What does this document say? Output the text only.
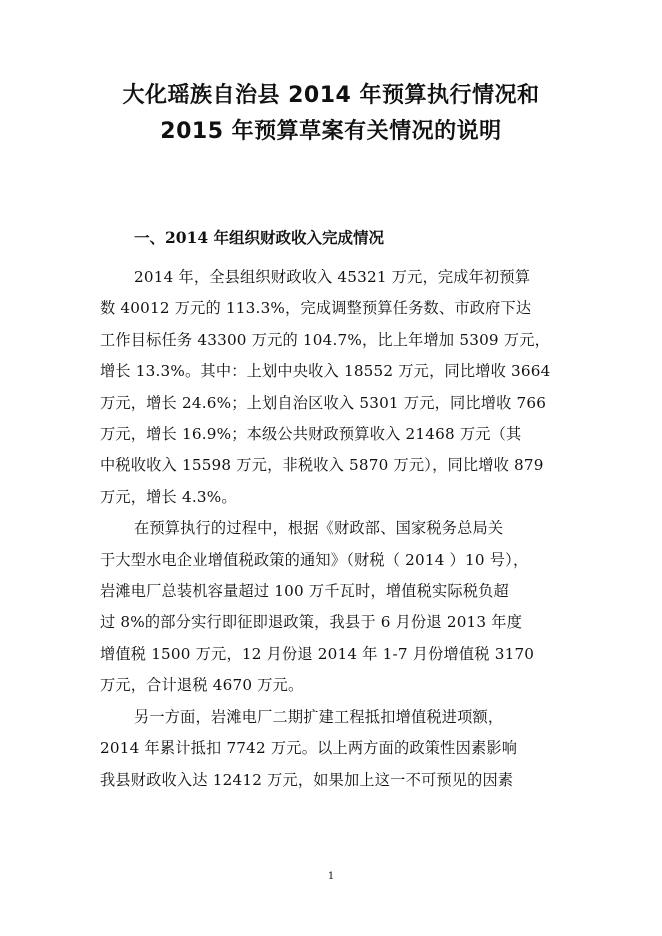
大化瑶族自治县 2014 年预算执行情况和
2015 年预算草案有关情况的说明
一、2014 年组织财政收入完成情况

2014 年，全县组织财政收入 45321 万元，完成年初预算
数 40012 万元的 113.3%，完成调整预算任务数、市政府下达
工作目标任务 43300 万元的 104.7%，比上年增加 5309 万元，
增长 13.3%。其中：上划中央收入 18552 万元，同比增收 3664
万元，增长 24.6%；上划自治区收入 5301 万元，同比增收 766
万元，增长 16.9%；本级公共财政预算收入 21468 万元（其
中税收收入 15598 万元，非税收入 5870 万元），同比增收 879
万元，增长 4.3%。

在预算执行的过程中，根据《财政部、国家税务总局关
于大型水电企业增值税政策的通知》（财税（ 2014 ）10 号），
岩滩电厂总装机容量超过 100 万千瓦时，增值税实际税负超
过 8%的部分实行即征即退政策，我县于 6 月份退 2013 年度
增值税 1500 万元，12 月份退 2014 年 1-7 月份增值税 3170
万元，合计退税 4670 万元。

另一方面，岩滩电厂二期扩建工程抵扣增值税进项额，
2014 年累计抵扣 7742 万元。以上两方面的政策性因素影响
我县财政收入达 12412 万元，如果加上这一不可预见的因素

1
